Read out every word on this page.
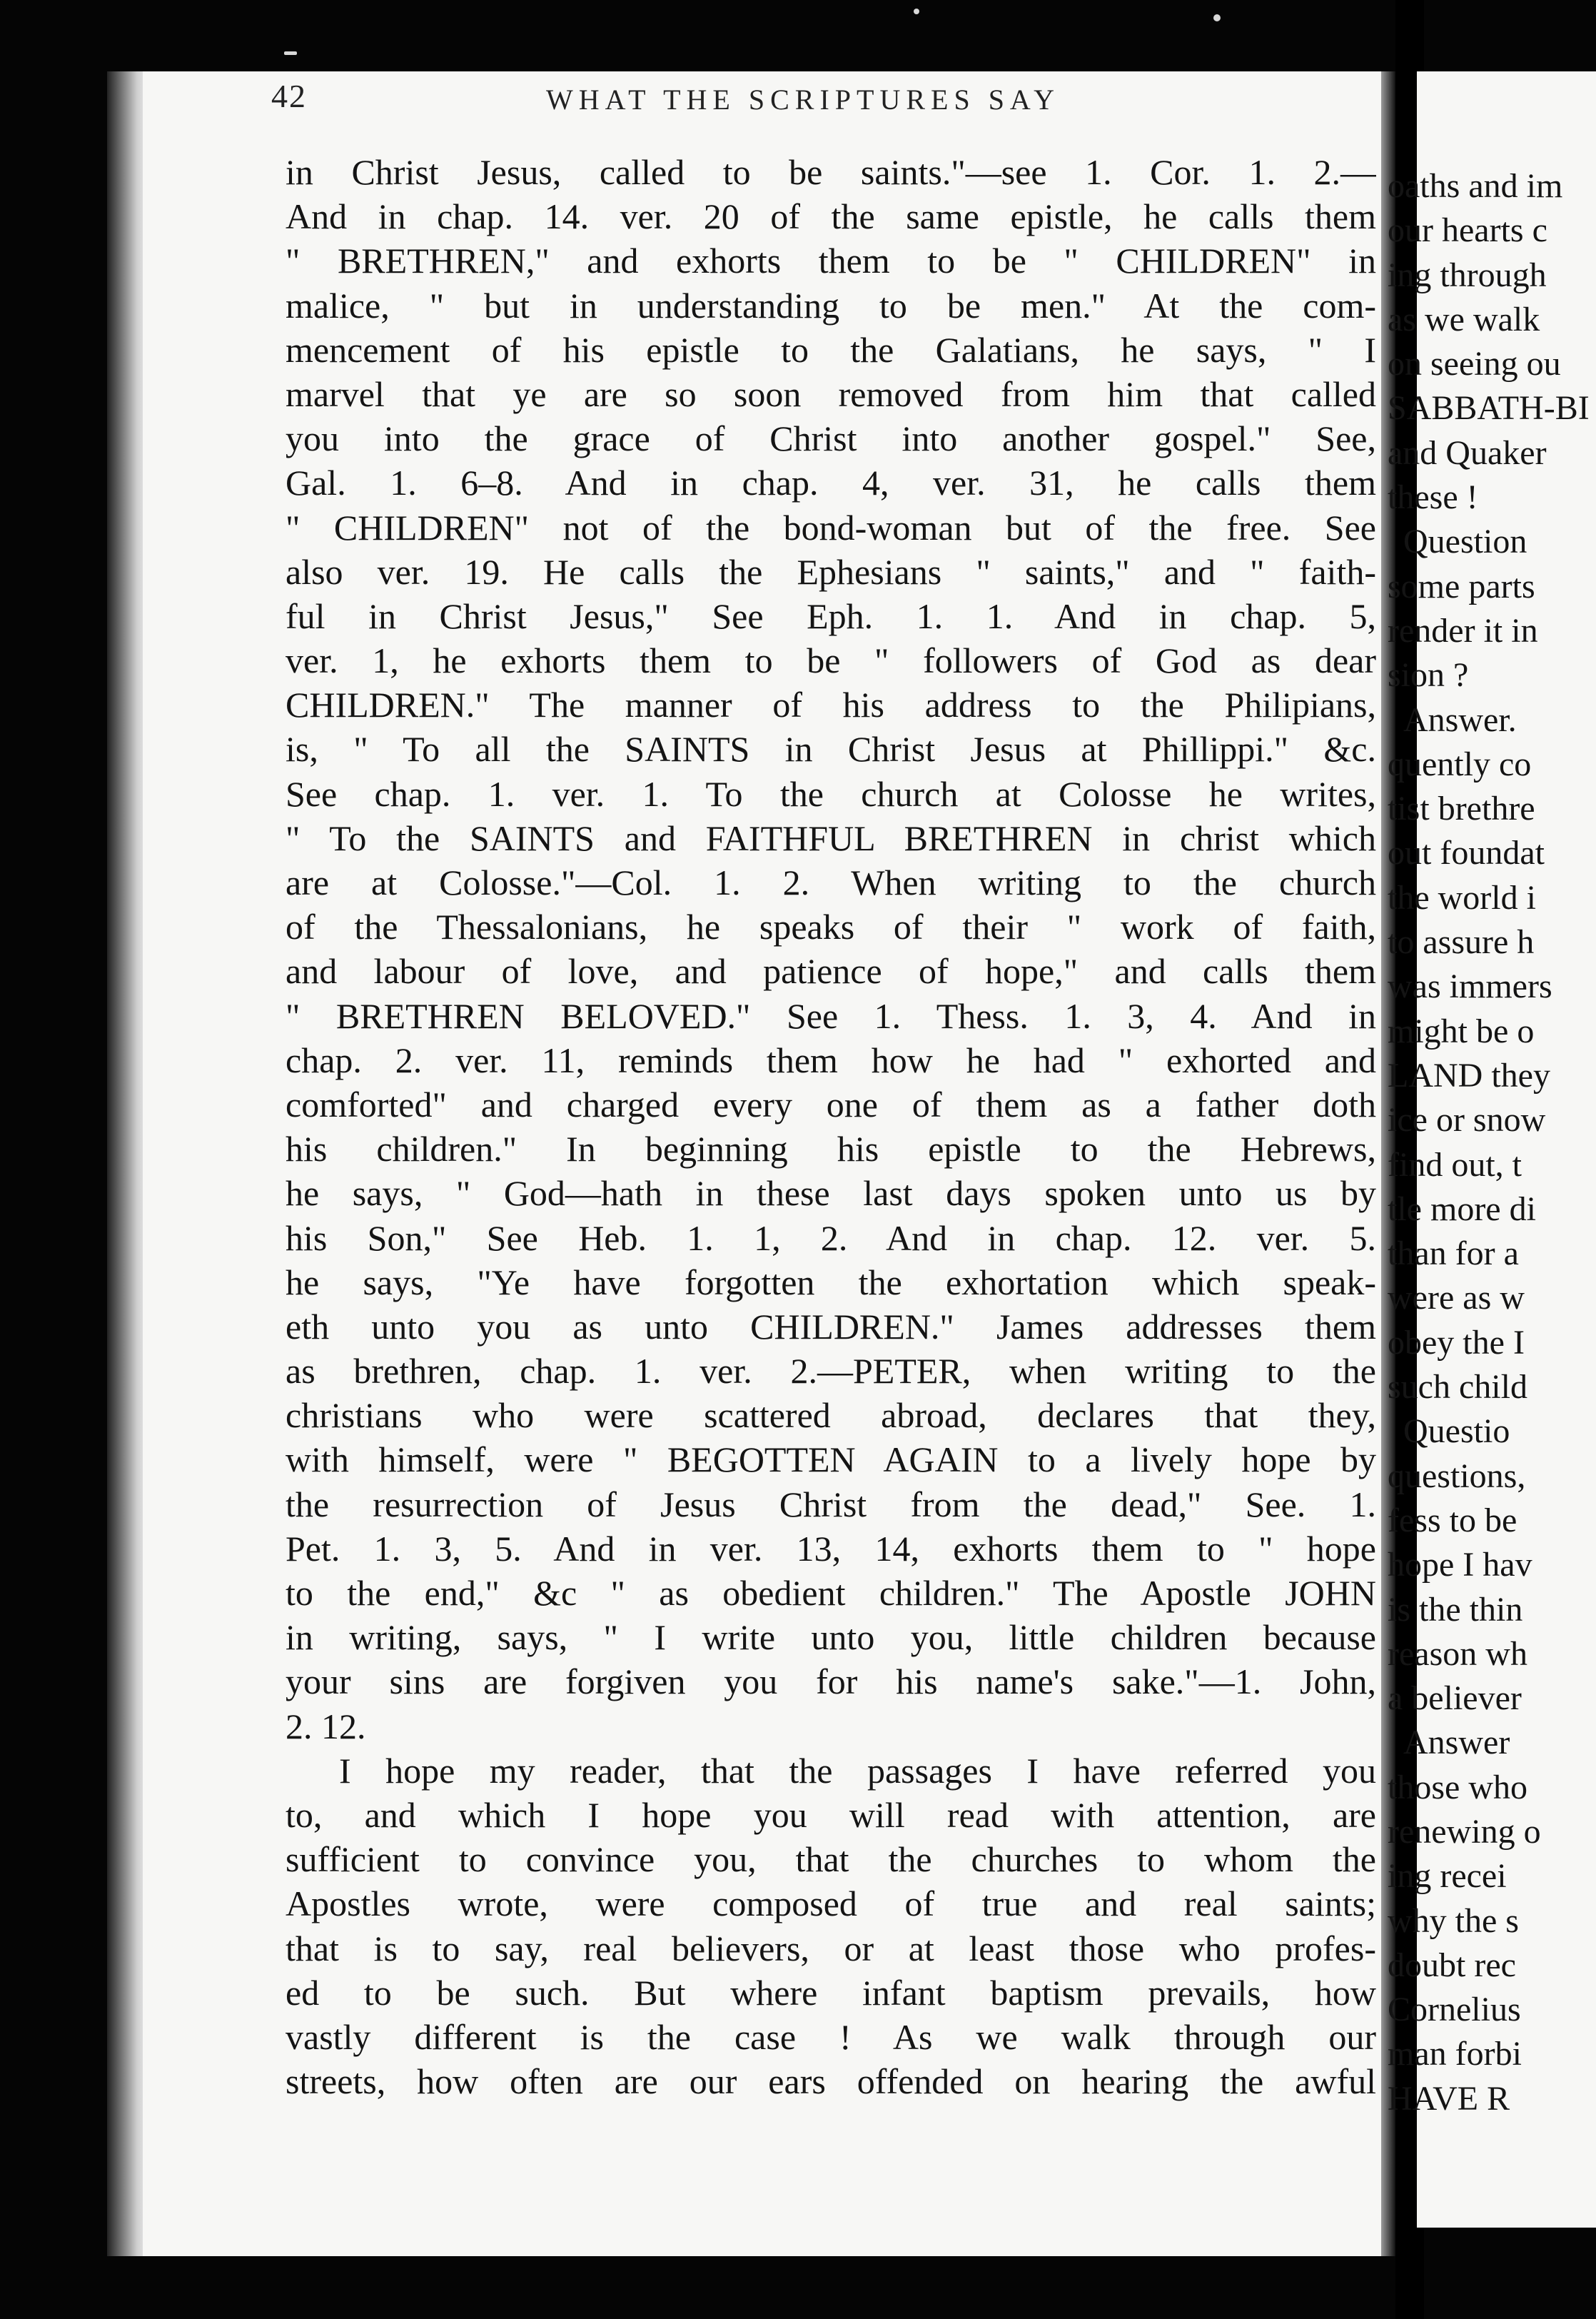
42	WHAT THE SCRIPTURES SAY
in Christ Jesus, called to be saints."—see 1. Cor. 1. 2.—
And in chap. 14. ver. 20 of the same epistle, he calls them
" BRETHREN," and exhorts them to be " CHILDREN" in
malice, " but in understanding to be men." At the com-
mencement of his epistle to the Galatians, he says, " I
marvel that ye are so soon removed from him that called
you into the grace of Christ into another gospel." See,
Gal. 1. 6–8. And in chap. 4, ver. 31, he calls them
" CHILDREN" not of the bond-woman but of the free. See
also ver. 19. He calls the Ephesians " saints," and " faith-
ful in Christ Jesus," See Eph. 1. 1. And in chap. 5,
ver. 1, he exhorts them to be " followers of God as dear
CHILDREN." The manner of his address to the Philipians,
is, " To all the SAINTS in Christ Jesus at Phillippi." &c.
See chap. 1. ver. 1. To the church at Colosse he writes,
" To the SAINTS and FAITHFUL BRETHREN in christ which
are at Colosse."—Col. 1. 2. When writing to the church
of the Thessalonians, he speaks of their " work of faith,
and labour of love, and patience of hope," and calls them
" BRETHREN BELOVED." See 1. Thess. 1. 3, 4. And in
chap. 2. ver. 11, reminds them how he had " exhorted and
comforted" and charged every one of them as a father doth
his children." In beginning his epistle to the Hebrews,
he says, " God—hath in these last days spoken unto us by
his Son," See Heb. 1. 1, 2. And in chap. 12. ver. 5.
he says, "Ye have forgotten the exhortation which speak-
eth unto you as unto CHILDREN." James addresses them
as brethren, chap. 1. ver. 2.—PETER, when writing to the
christians who were scattered abroad, declares that they,
with himself, were " BEGOTTEN AGAIN to a lively hope by
the resurrection of Jesus Christ from the dead," See. 1.
Pet. 1. 3, 5. And in ver. 13, 14, exhorts them to " hope
to the end," &c " as obedient children." The Apostle JOHN
in writing, says, " I write unto you, little children because
your sins are forgiven you for his name's sake."—1. John,
2. 12.
I hope my reader, that the passages I have referred you
to, and which I hope you will read with attention, are
sufficient to convince you, that the churches to whom the
Apostles wrote, were composed of true and real saints;
that is to say, real believers, or at least those who profes-
ed to be such. But where infant baptism prevails, how
vastly different is the case ! As we walk through our
streets, how often are our ears offended on hearing the awful
oaths and im
our hearts c
ing through
as we walk
on seeing ou
SABBATH-BI
and Quaker
these !
Question
some parts
render it in
sion ?
Answer.
quently co
tist brethre
out foundat
the world i
to assure h
was immers
might be o
LAND they
ice or snow
find out, t
tle more di
than for a
were as w
obey the I
such child
Questio
questions,
fess to be
hope I hav
is the thin
reason wh
a believer
Answer
those who
renewing o
ing recei
why the s
doubt rec
Cornelius
man forbi
HAVE R
